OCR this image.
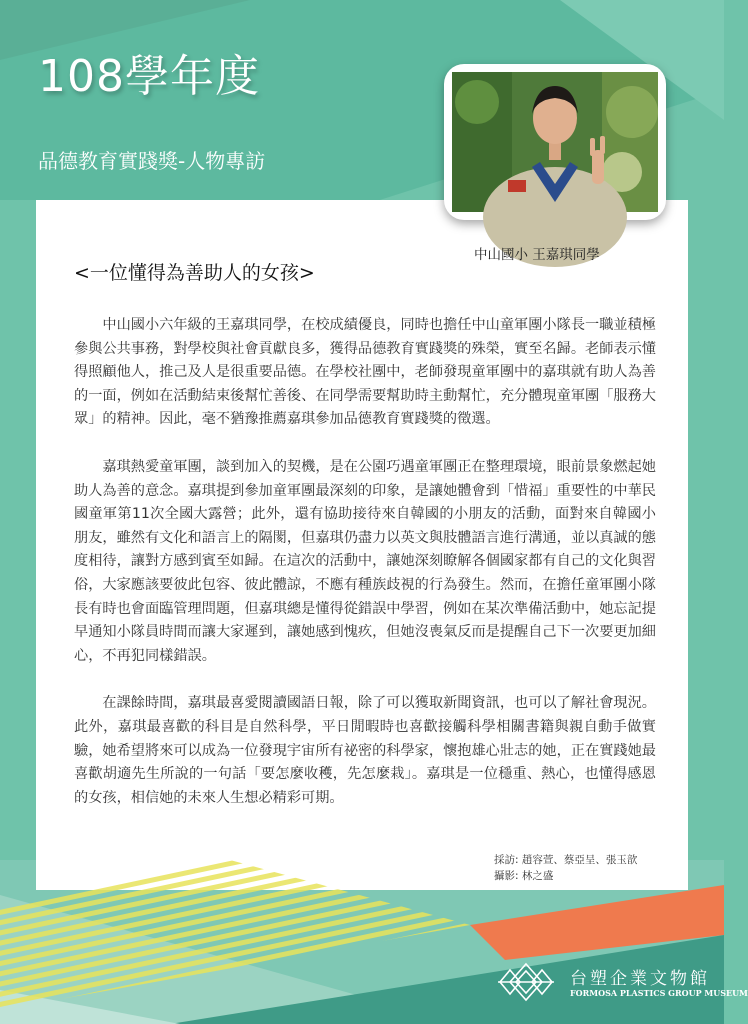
108學年度
品德教育實踐獎-人物專訪
中山國小 王嘉琪同學
<一位懂得為善助人的女孩>

中山國小六年級的王嘉琪同學，在校成績優良，同時也擔任中山童軍團小隊長一職並積極參與公共事務，對學校與社會貢獻良多，獲得品德教育實踐獎的殊榮，實至名歸。老師表示懂得照顧他人，推己及人是很重要品德。在學校社團中，老師發現童軍團中的嘉琪就有助人為善的一面，例如在活動結束後幫忙善後、在同學需要幫助時主動幫忙，充分體現童軍團「服務大眾」的精神。因此，毫不猶豫推薦嘉琪參加品德教育實踐獎的徵選。

嘉琪熱愛童軍團，談到加入的契機，是在公園巧遇童軍團正在整理環境，眼前景象燃起她助人為善的意念。嘉琪提到參加童軍團最深刻的印象，是讓她體會到「惜福」重要性的中華民國童軍第11次全國大露營；此外，還有協助接待來自韓國的小朋友的活動，面對來自韓國小朋友，雖然有文化和語言上的隔閡，但嘉琪仍盡力以英文與肢體語言進行溝通，並以真誠的態度相待，讓對方感到賓至如歸。在這次的活動中，讓她深刻瞭解各個國家都有自己的文化與習俗，大家應該要彼此包容、彼此體諒，不應有種族歧視的行為發生。然而，在擔任童軍團小隊長有時也會面臨管理問題，但嘉琪總是懂得從錯誤中學習，例如在某次準備活動中，她忘記提早通知小隊員時間而讓大家遲到，讓她感到愧疚，但她沒喪氣反而是提醒自己下一次要更加細心，不再犯同樣錯誤。

在課餘時間，嘉琪最喜愛閱讀國語日報，除了可以獲取新聞資訊，也可以了解社會現況。此外，嘉琪最喜歡的科目是自然科學，平日閒暇時也喜歡接觸科學相關書籍與親自動手做實驗，她希望將來可以成為一位發現宇宙所有祕密的科學家，懷抱雄心壯志的她，正在實踐她最喜歡胡適先生所說的一句話「要怎麼收穫，先怎麼栽」。嘉琪是一位穩重、熱心，也懂得感恩的女孩，相信她的未來人生想必精彩可期。

採訪: 趙容萱、蔡亞呈、張玉歆
攝影: 林之盛
台塑企業文物館
FORMOSA PLASTICS GROUP MUSEUM
